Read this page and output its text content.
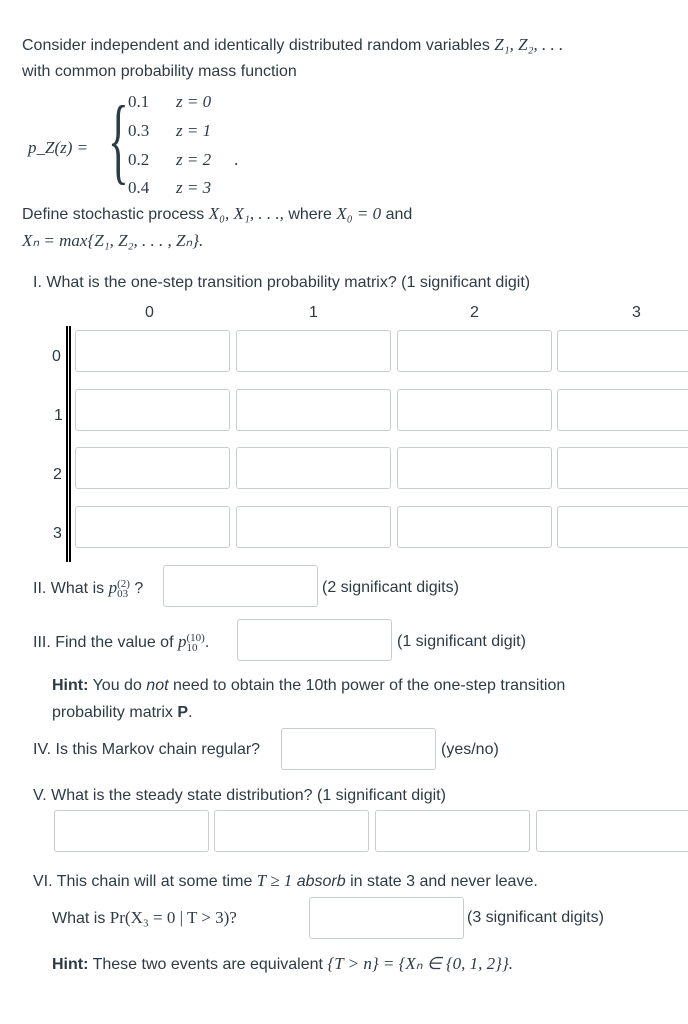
Consider independent and identically distributed random variables Z₁, Z₂, . . .
with common probability mass function
p_Z(z) = { 0.1 z = 0
0.3 z = 1
0.2 z = 2 .
0.4 z = 3
Define stochastic process X₀, X₁, . . ., where X₀ = 0 and
Xₙ = max{Z₁, Z₂, . . . , Zₙ}.
I. What is the one-step transition probability matrix? (1 significant digit)
0	1	2	3
0
1
2
3
II. What is p (2)
03 ?	(2 significant digits)
III. Find the value of p (10)
10 .	(1 significant digit)
Hint: You do not need to obtain the 10th power of the one-step transition
probability matrix P.
IV. Is this Markov chain regular?	(yes/no)
V. What is the steady state distribution? (1 significant digit)
VI. This chain will at some time T ≥ 1 absorb in state 3 and never leave.
What is Pr(X₃ = 0 | T > 3)?	(3 significant digits)
Hint: These two events are equivalent {T > n} = {Xₙ ∈ {0, 1, 2}}.
